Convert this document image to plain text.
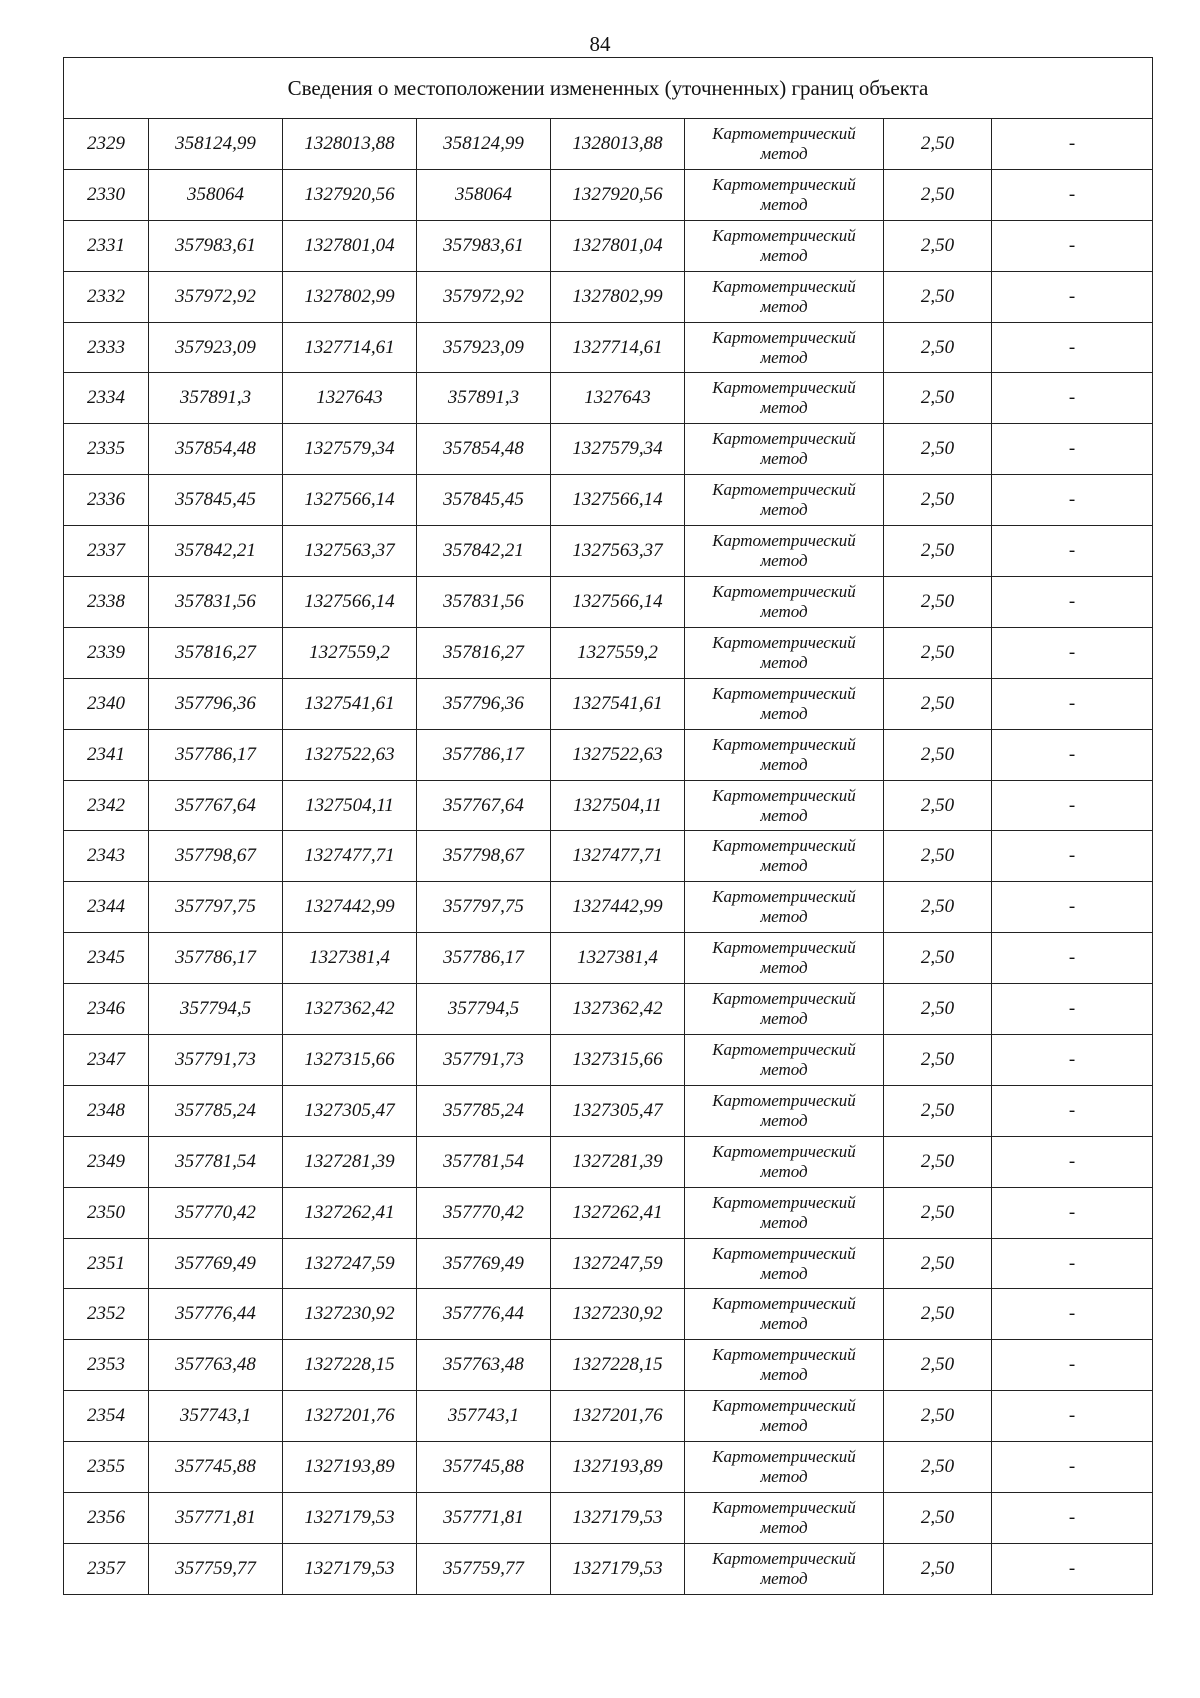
84
Сведения о местоположении измененных (уточненных) границ объекта							
2329	358124,99	1328013,88	358124,99	1328013,88	Картометрический
метод	2,50	-
2330	358064	1327920,56	358064	1327920,56	Картометрический
метод	2,50	-
2331	357983,61	1327801,04	357983,61	1327801,04	Картометрический
метод	2,50	-
2332	357972,92	1327802,99	357972,92	1327802,99	Картометрический
метод	2,50	-
2333	357923,09	1327714,61	357923,09	1327714,61	Картометрический
метод	2,50	-
2334	357891,3	1327643	357891,3	1327643	Картометрический
метод	2,50	-
2335	357854,48	1327579,34	357854,48	1327579,34	Картометрический
метод	2,50	-
2336	357845,45	1327566,14	357845,45	1327566,14	Картометрический
метод	2,50	-
2337	357842,21	1327563,37	357842,21	1327563,37	Картометрический
метод	2,50	-
2338	357831,56	1327566,14	357831,56	1327566,14	Картометрический
метод	2,50	-
2339	357816,27	1327559,2	357816,27	1327559,2	Картометрический
метод	2,50	-
2340	357796,36	1327541,61	357796,36	1327541,61	Картометрический
метод	2,50	-
2341	357786,17	1327522,63	357786,17	1327522,63	Картометрический
метод	2,50	-
2342	357767,64	1327504,11	357767,64	1327504,11	Картометрический
метод	2,50	-
2343	357798,67	1327477,71	357798,67	1327477,71	Картометрический
метод	2,50	-
2344	357797,75	1327442,99	357797,75	1327442,99	Картометрический
метод	2,50	-
2345	357786,17	1327381,4	357786,17	1327381,4	Картометрический
метод	2,50	-
2346	357794,5	1327362,42	357794,5	1327362,42	Картометрический
метод	2,50	-
2347	357791,73	1327315,66	357791,73	1327315,66	Картометрический
метод	2,50	-
2348	357785,24	1327305,47	357785,24	1327305,47	Картометрический
метод	2,50	-
2349	357781,54	1327281,39	357781,54	1327281,39	Картометрический
метод	2,50	-
2350	357770,42	1327262,41	357770,42	1327262,41	Картометрический
метод	2,50	-
2351	357769,49	1327247,59	357769,49	1327247,59	Картометрический
метод	2,50	-
2352	357776,44	1327230,92	357776,44	1327230,92	Картометрический
метод	2,50	-
2353	357763,48	1327228,15	357763,48	1327228,15	Картометрический
метод	2,50	-
2354	357743,1	1327201,76	357743,1	1327201,76	Картометрический
метод	2,50	-
2355	357745,88	1327193,89	357745,88	1327193,89	Картометрический
метод	2,50	-
2356	357771,81	1327179,53	357771,81	1327179,53	Картометрический
метод	2,50	-
2357	357759,77	1327179,53	357759,77	1327179,53	Картометрический
метод	2,50	-
